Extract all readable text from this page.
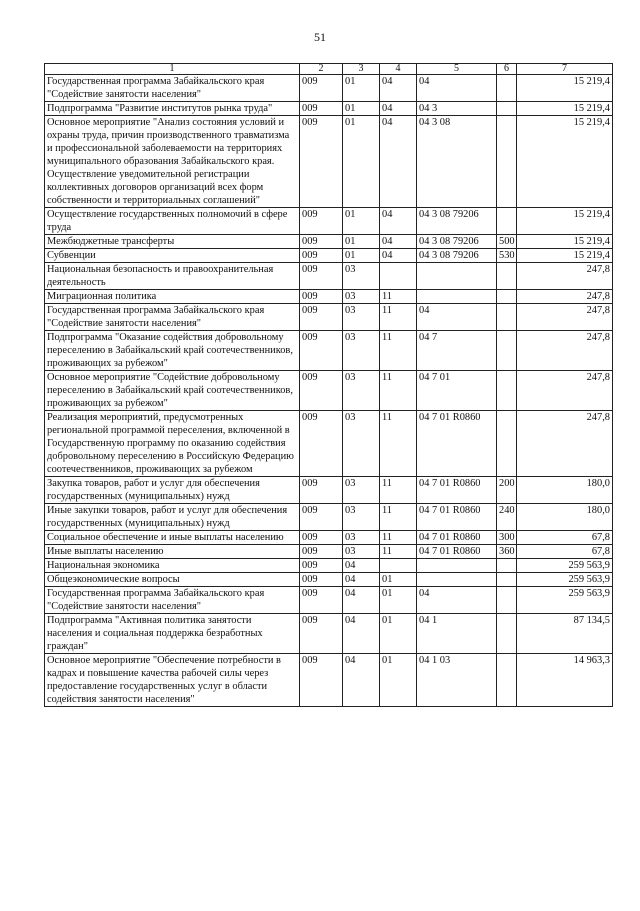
51
1	2	3	4	5	6	7
Государственная программа Забайкальского края "Содействие занятости населения"	009	01	04	04		15 219,4
Подпрограмма "Развитие институтов рынка труда"	009	01	04	04 3		15 219,4
Основное мероприятие "Анализ состояния условий и охраны труда, причин производственного травматизма и профессиональной заболеваемости на территориях муниципального образования Забайкальского края. Осуществление уведомительной регистрации коллективных договоров организаций всех форм собственности и территориальных соглашений"	009	01	04	04 3 08		15 219,4
Осуществление государственных полномочий в сфере труда	009	01	04	04 3 08 79206		15 219,4
Межбюджетные трансферты	009	01	04	04 3 08 79206	500	15 219,4
Субвенции	009	01	04	04 3 08 79206	530	15 219,4
Национальная безопасность и правоохранительная деятельность	009	03				247,8
Миграционная политика	009	03	11			247,8
Государственная программа Забайкальского края "Содействие занятости населения"	009	03	11	04		247,8
Подпрограмма "Оказание содействия добровольному переселению в Забайкальский край соотечественников, проживающих за рубежом"	009	03	11	04 7		247,8
Основное мероприятие "Содействие добровольному переселению в Забайкальский край соотечественников, проживающих за рубежом"	009	03	11	04 7 01		247,8
Реализация мероприятий, предусмотренных региональной программой переселения, включенной в Государственную программу по оказанию содействия добровольному переселению в Российскую Федерацию соотечественников, проживающих за рубежом	009	03	11	04 7 01 R0860		247,8
Закупка товаров, работ и услуг для обеспечения государственных (муниципальных) нужд	009	03	11	04 7 01 R0860	200	180,0
Иные закупки товаров, работ и услуг для обеспечения государственных (муниципальных) нужд	009	03	11	04 7 01 R0860	240	180,0
Социальное обеспечение и иные выплаты населению	009	03	11	04 7 01 R0860	300	67,8
Иные выплаты населению	009	03	11	04 7 01 R0860	360	67,8
Национальная экономика	009	04				259 563,9
Общеэкономические вопросы	009	04	01			259 563,9
Государственная программа Забайкальского края "Содействие занятости населения"	009	04	01	04		259 563,9
Подпрограмма "Активная политика занятости населения и социальная поддержка безработных граждан"	009	04	01	04 1		87 134,5
Основное мероприятие "Обеспечение потребности в кадрах и повышение качества рабочей силы через предоставление государственных услуг в области содействия занятости населения"	009	04	01	04 1 03		14 963,3
